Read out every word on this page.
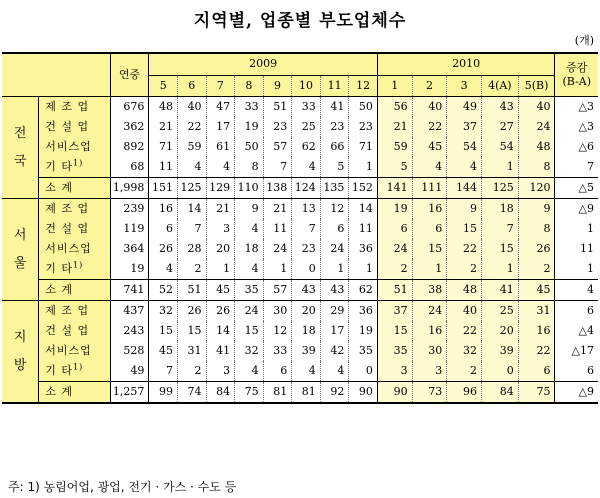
지역별, 업종별 부도업체수
(개)
		연중	2009								2010					증감
(B-A)
			5	6	7	8	9	10	11	12	1	2	3	4(A)	5(B)	

전
국	제 조 업	676	48	40	47	33	51	33	41	50	56	40	49	43	40	△3
	건 설 업	362	21	22	17	19	23	25	23	23	21	22	37	27	24	△3
	서비스업	892	71	59	61	50	57	62	66	71	59	45	54	54	48	△6
	기 타$^{1)}$	68	11	4	4	8	7	4	5	1	5	4	4	1	8	7
	소 계	1,998	151	125	129	110	138	124	135	152	141	111	144	125	120	△5

서
울	제 조 업	239	16	14	21	9	21	13	12	14	19	16	9	18	9	△9
	건 설 업	119	6	7	3	4	11	7	6	11	6	6	15	7	8	1
	서비스업	364	26	28	20	18	24	23	24	36	24	15	22	15	26	11
	기 타$^{1)}$	19	4	2	1	4	1	0	1	1	2	1	2	1	2	1
	소 계	741	52	51	45	35	57	43	43	62	51	38	48	41	45	4

지
방	제 조 업	437	32	26	26	24	30	20	29	36	37	24	40	25	31	6
	건 설 업	243	15	15	14	15	12	18	17	19	15	16	22	20	16	△4
	서비스업	528	45	31	41	32	33	39	42	35	35	30	32	39	22	△17
	기 타$^{1)}$	49	7	2	3	4	6	4	4	0	3	3	2	0	6	6
	소 계	1,257	99	74	84	75	81	81	92	90	90	73	96	84	75	△9
주: 1) 농림어업, 광업, 전기 · 가스 · 수도 등
